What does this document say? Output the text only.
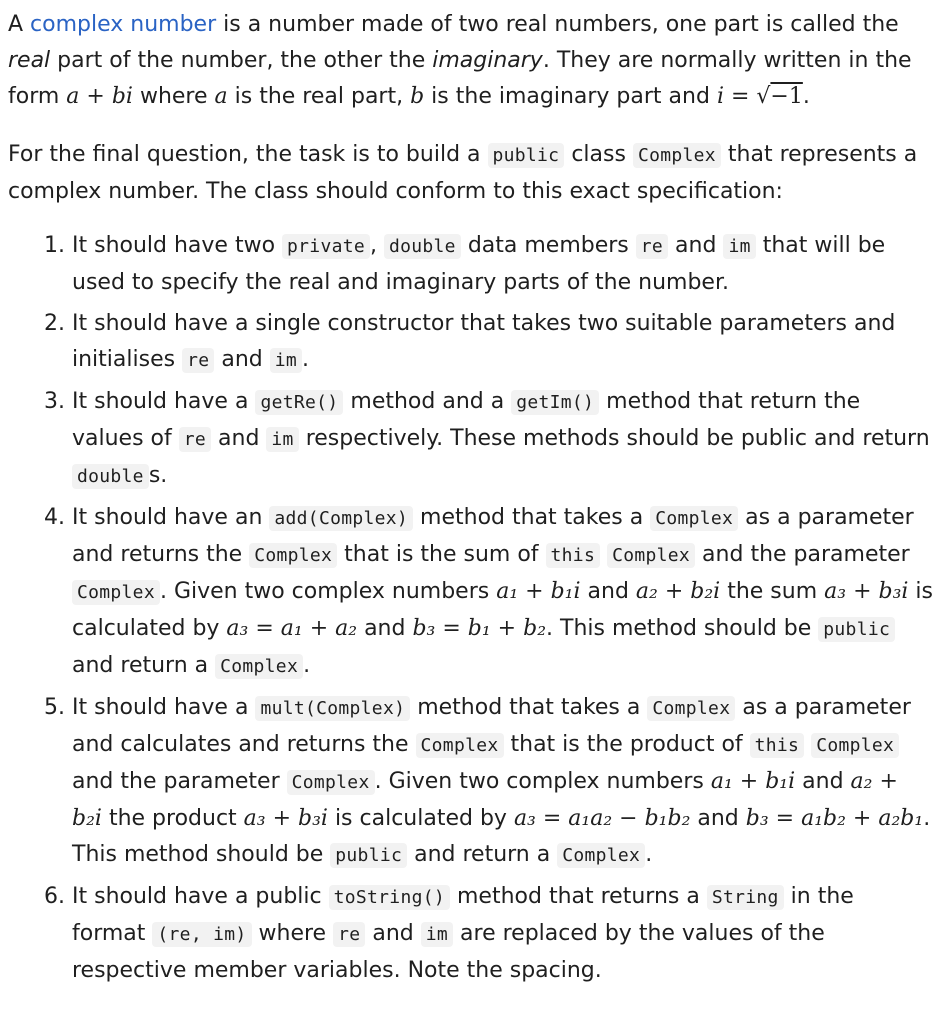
A complex number is a number made of two real numbers, one part is called the real part of the number, the other the imaginary. They are normally written in the form a + bi where a is the real part, b is the imaginary part and i = √−1.

For the final question, the task is to build a public class Complex that represents a complex number. The class should conform to this exact specification:

1. It should have two private , double data members re and im that will be used to specify the real and imaginary parts of the number.
2. It should have a single constructor that takes two suitable parameters and initialises re and im .
3. It should have a getRe() method and a getIm() method that return the values of re and im respectively. These methods should be public and return double s.
4. It should have an add(Complex) method that takes a Complex as a parameter and returns the Complex that is the sum of this Complex and the parameter Complex . Given two complex numbers a₁ + b₁i and a₂ + b₂i the sum a₃ + b₃i is calculated by a₃ = a₁ + a₂ and b₃ = b₁ + b₂. This method should be public and return a Complex .
5. It should have a mult(Complex) method that takes a Complex as a parameter and calculates and returns the Complex that is the product of this Complex and the parameter Complex . Given two complex numbers a₁ + b₁i and a₂ + b₂i the product a₃ + b₃i is calculated by a₃ = a₁a₂ − b₁b₂ and b₃ = a₁b₂ + a₂b₁. This method should be public and return a Complex .
6. It should have a public toString() method that returns a String in the format (re, im) where re and im are replaced by the values of the respective member variables. Note the spacing.
